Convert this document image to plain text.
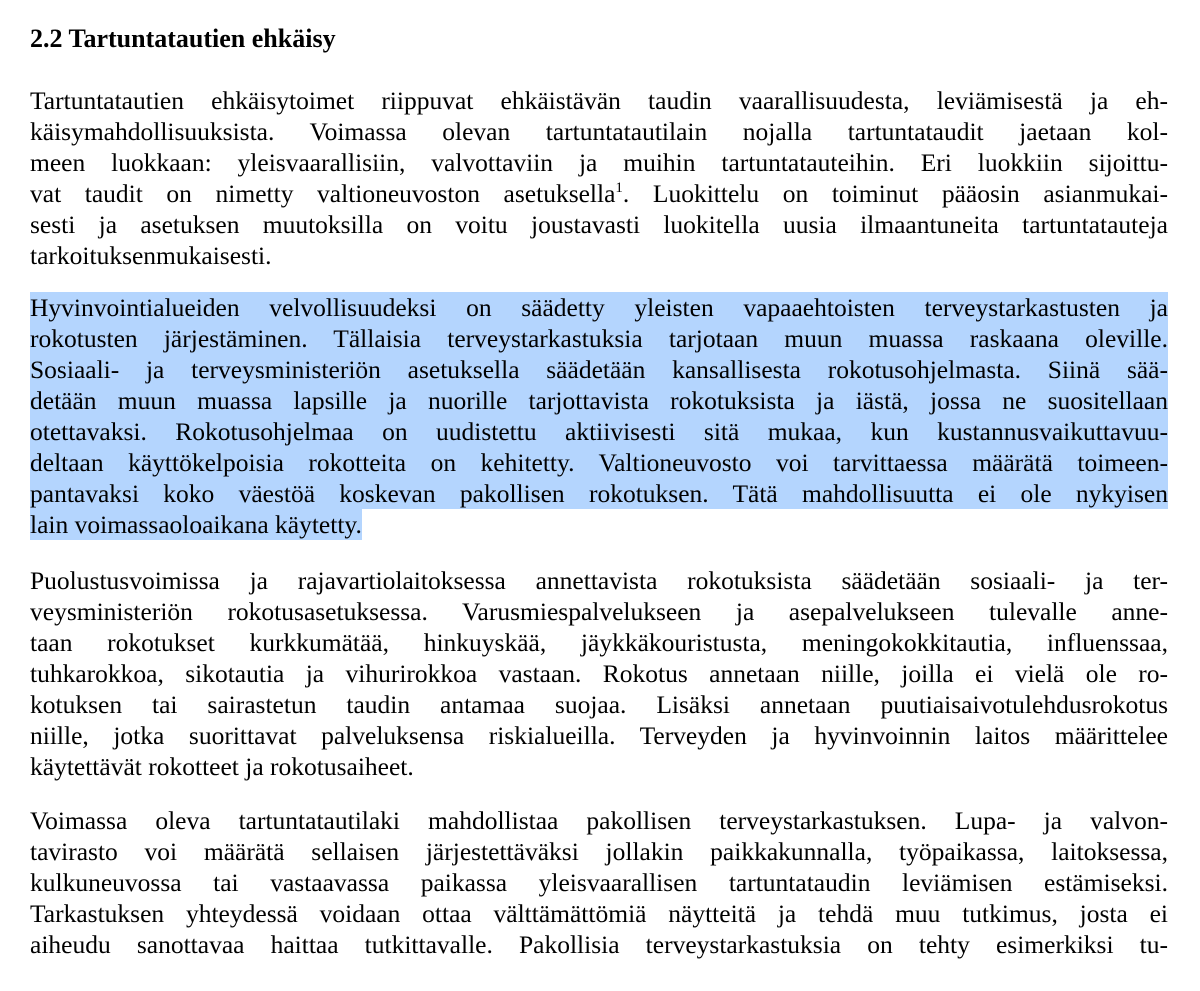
2.2 Tartuntatautien ehkäisy
Tartuntatautien ehkäisytoimet riippuvat ehkäistävän taudin vaarallisuudesta, leviämisestä ja eh-
käisymahdollisuuksista. Voimassa olevan tartuntatautilain nojalla tartuntataudit jaetaan kol-
meen luokkaan: yleisvaarallisiin, valvottaviin ja muihin tartuntatauteihin. Eri luokkiin sijoittu-
vat taudit on nimetty valtioneuvoston asetuksella$^1$. Luokittelu on toiminut pääosin asianmukai-
sesti ja asetuksen muutoksilla on voitu joustavasti luokitella uusia ilmaantuneita tartuntatauteja
tarkoituksenmukaisesti.
Hyvinvointialueiden velvollisuudeksi on säädetty yleisten vapaaehtoisten terveystarkastusten ja
rokotusten järjestäminen. Tällaisia terveystarkastuksia tarjotaan muun muassa raskaana oleville.
Sosiaali- ja terveysministeriön asetuksella säädetään kansallisesta rokotusohjelmasta. Siinä sää-
detään muun muassa lapsille ja nuorille tarjottavista rokotuksista ja iästä, jossa ne suositellaan
otettavaksi. Rokotusohjelmaa on uudistettu aktiivisesti sitä mukaa, kun kustannusvaikuttavuu-
deltaan käyttökelpoisia rokotteita on kehitetty. Valtioneuvosto voi tarvittaessa määrätä toimeen-
pantavaksi koko väestöä koskevan pakollisen rokotuksen. Tätä mahdollisuutta ei ole nykyisen
lain voimassaoloaikana käytetty.
Puolustusvoimissa ja rajavartiolaitoksessa annettavista rokotuksista säädetään sosiaali- ja ter-
veysministeriön rokotusasetuksessa. Varusmiespalvelukseen ja asepalvelukseen tulevalle anne-
taan rokotukset kurkkumätää, hinkuyskää, jäykkäkouristusta, meningokokkitautia, influenssaa,
tuhkarokkoa, sikotautia ja vihurirokkoa vastaan. Rokotus annetaan niille, joilla ei vielä ole ro-
kotuksen tai sairastetun taudin antamaa suojaa. Lisäksi annetaan puutiaisaivotulehdusrokotus
niille, jotka suorittavat palveluksensa riskialueilla. Terveyden ja hyvinvoinnin laitos määrittelee
käytettävät rokotteet ja rokotusaiheet.
Voimassa oleva tartuntatautilaki mahdollistaa pakollisen terveystarkastuksen. Lupa- ja valvon-
tavirasto voi määrätä sellaisen järjestettäväksi jollakin paikkakunnalla, työpaikassa, laitoksessa,
kulkuneuvossa tai vastaavassa paikassa yleisvaarallisen tartuntataudin leviämisen estämiseksi.
Tarkastuksen yhteydessä voidaan ottaa välttämättömiä näytteitä ja tehdä muu tutkimus, josta ei
aiheudu sanottavaa haittaa tutkittavalle. Pakollisia terveystarkastuksia on tehty esimerkiksi tu-
